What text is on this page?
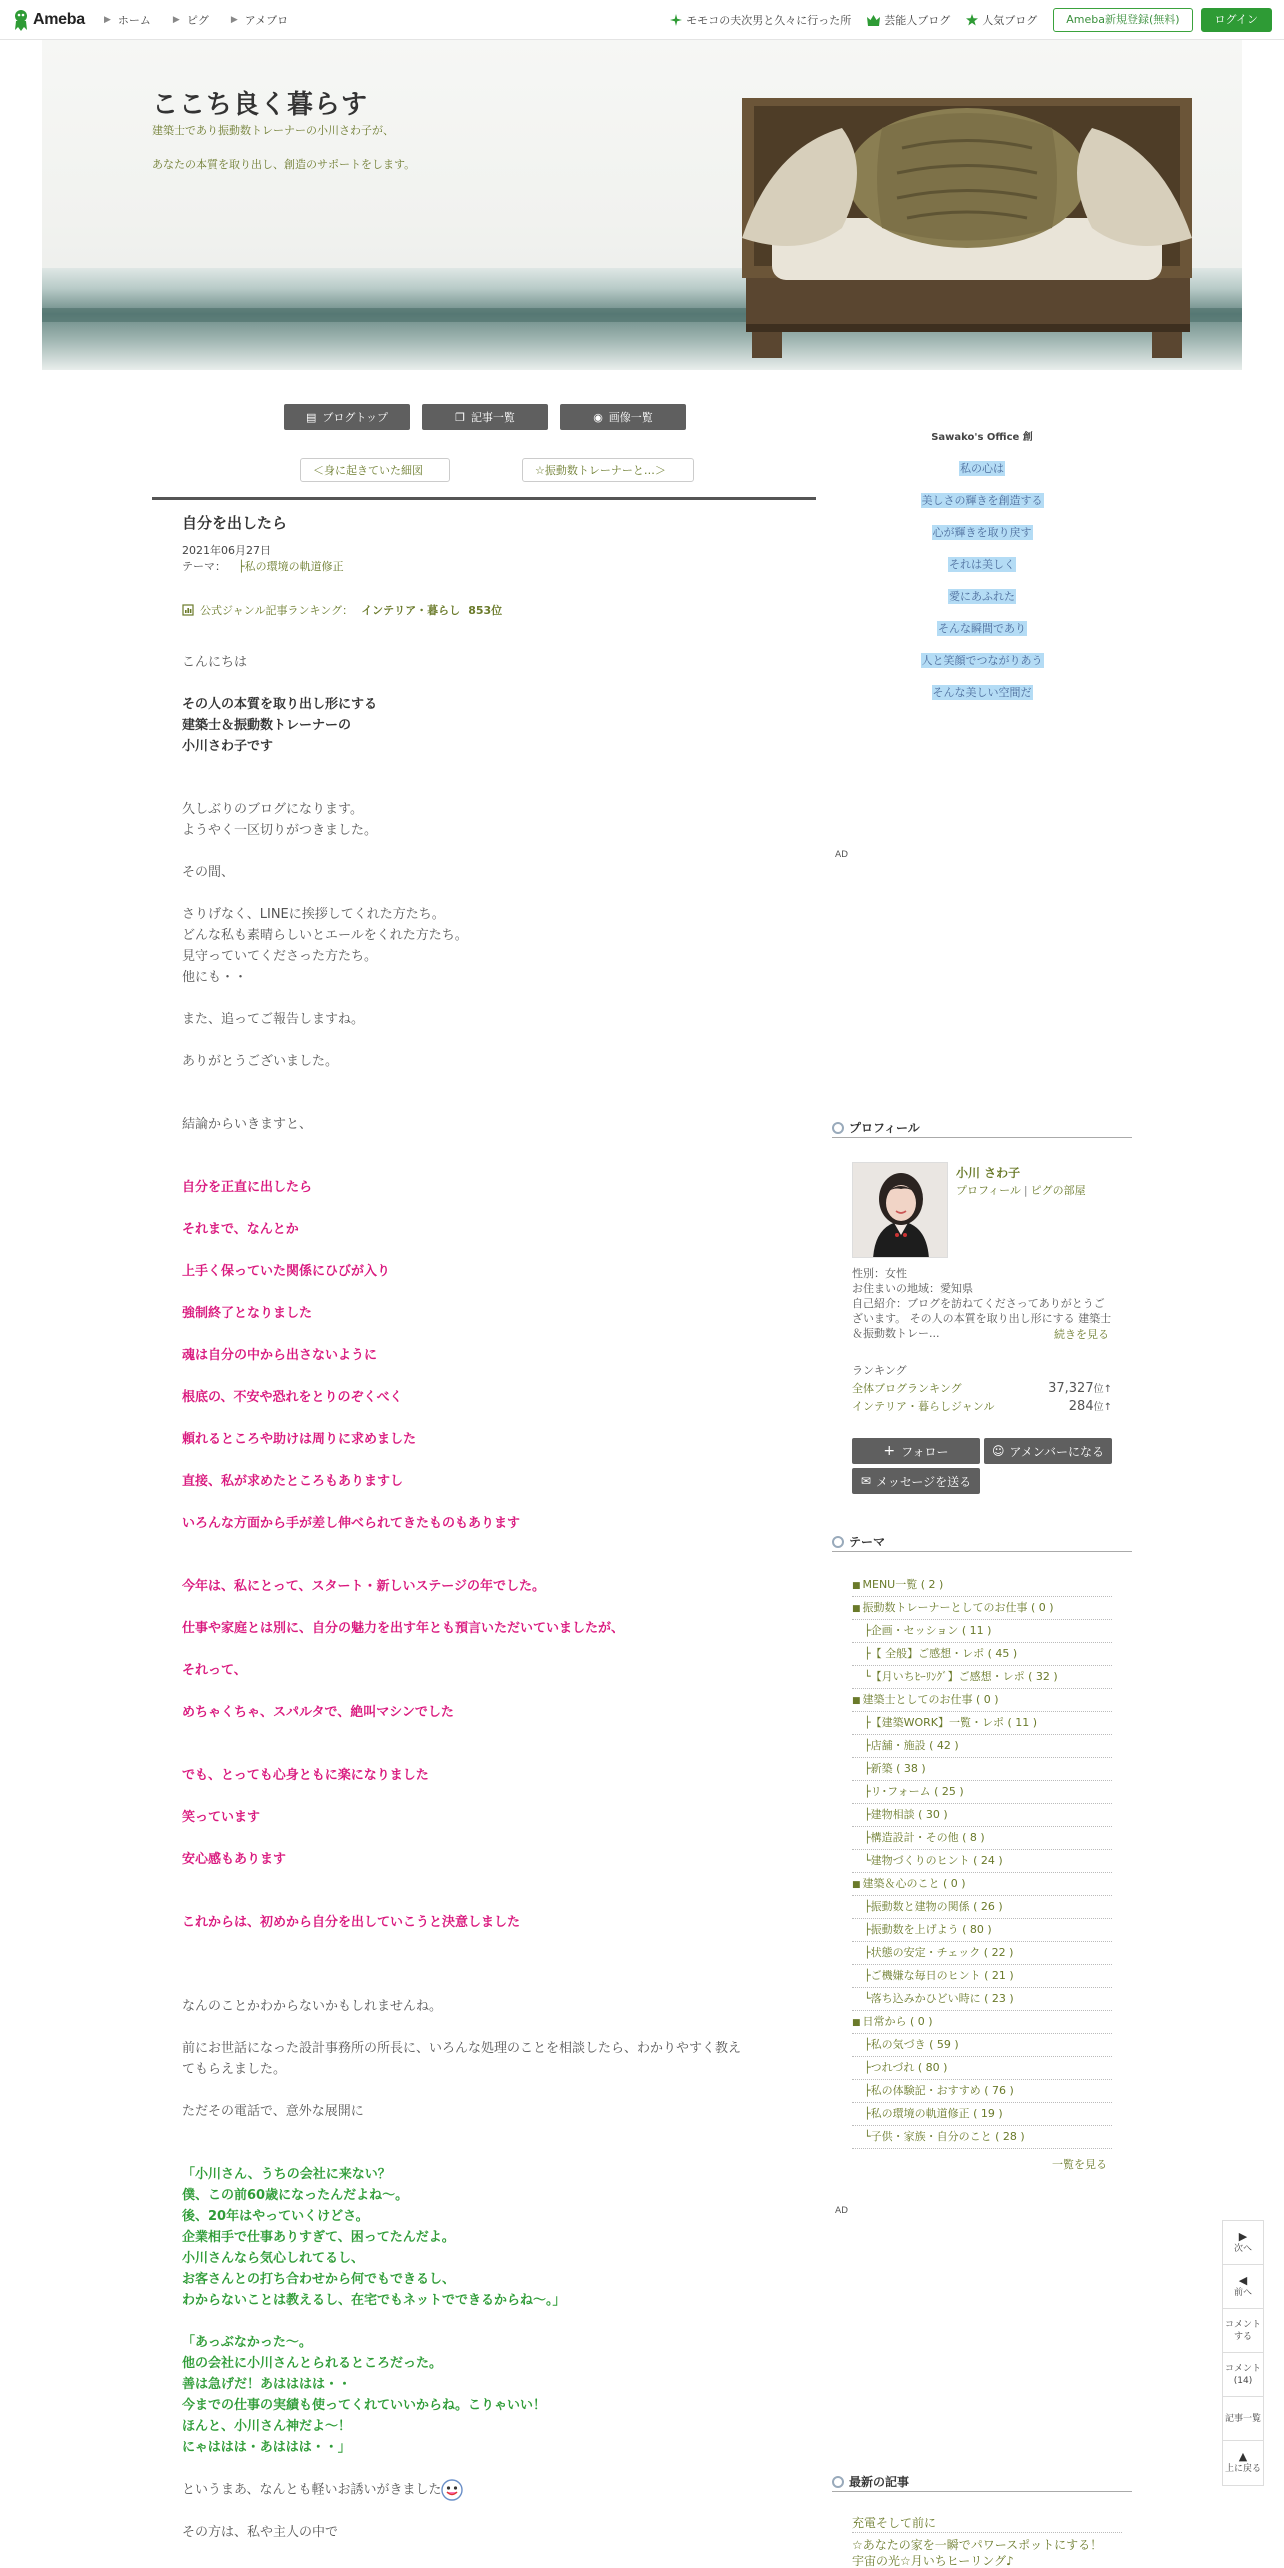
Ameba ▶ ホーム ▶ ピグ ▶ アメブロ	モモコの夫次男と久々に行った所	芸能人ブログ	人気ブログ	Ameba新規登録(無料)	ログイン
ここち良く暮らす
建築士であり振動数トレーナーの小川さわ子が、
あなたの本質を取り出し、創造のサポートをします。
▤ ブログトップ	❐ 記事一覧	◉ 画像一覧
＜身に起きていた細図	☆振動数トレーナーと…＞
自分を出したら
2021年06月27日
テーマ： ├私の環境の軌道修正
公式ジャンル記事ランキング： インテリア・暮らし 853位

こんにちは

その人の本質を取り出し形にする

建築士＆振動数トレーナーの

小川さわ子です

久しぶりのブログになります。

ようやく一区切りがつきました。

その間、

さりげなく、LINEに挨拶してくれた方たち。

どんな私も素晴らしいとエールをくれた方たち。

見守っていてくださった方たち。

他にも・・

また、追ってご報告しますね。

ありがとうございました。

結論からいきますと、

自分を正直に出したら

それまで、なんとか

上手く保っていた関係にひびが入り

強制終了となりました

魂は自分の中から出さないように

根底の、不安や恐れをとりのぞくべく

頼れるところや助けは周りに求めました

直接、私が求めたところもありますし

いろんな方面から手が差し伸べられてきたものもあります

今年は、私にとって、スタート・新しいステージの年でした。

仕事や家庭とは別に、自分の魅力を出す年とも預言いただいていましたが、

それって、

めちゃくちゃ、スパルタで、絶叫マシンでした

でも、とっても心身ともに楽になりました

笑っています

安心感もあります

これからは、初めから自分を出していこうと決意しました

なんのことかわからないかもしれませんね。

前にお世話になった設計事務所の所長に、いろんな処理のことを相談したら、わかりやすく教え

てもらえました。

ただその電話で、意外な展開に

「小川さん、うちの会社に来ない？

僕、この前60歳になったんだよね～。

後、20年はやっていくけどさ。

企業相手で仕事ありすぎて、困ってたんだよ。

小川さんなら気心しれてるし、

お客さんとの打ち合わせから何でもできるし、

わからないことは教えるし、在宅でもネットでできるからね～。」

「あっぶなかった～。

他の会社に小川さんとられるところだった。

善は急げだ！あはははは・・

今までの仕事の実績も使ってくれていいからね。こりゃいい！

ほんと、小川さん神だよ～！

にゃははは・あははは・・」

というまあ、なんとも軽いお誘いがきました

その方は、私や主人の中で

Sawako's Office 創
私の心は
美しさの輝きを創造する
心が輝きを取り戻す
それは美しく
愛にあふれた
そんな瞬間であり
人と笑顔でつながりあう
そんな美しい空間だ
AD
プロフィール
小川 さわ子
プロフィール | ピグの部屋
性別：女性
お住まいの地域：愛知県
自己紹介：ブログを訪ねてくださってありがとうご
ざいます。 その人の本質を取り出し形にする 建築士
＆振動数トレー...	続きを見る
ランキング
全体ブログランキング	37,327位↑
インテリア・暮らしジャンル	284位↑
+ フォロー	☺ アメンバーになる
✉ メッセージを送る
テーマ
■ MENU一覧 ( 2 )
■ 振動数トレーナーとしてのお仕事 ( 0 )
├企画・セッション ( 11 )
├【 全般】ご感想・レポ ( 45 )
└【月いちﾋｰﾘﾝｸﾞ】ご感想・レポ ( 32 )
■ 建築士としてのお仕事 ( 0 )
├【建築WORK】一覧・レポ ( 11 )
├店舗・施設 ( 42 )
├新築 ( 38 )
├リ･フォーム ( 25 )
├建物相談 ( 30 )
├構造設計・その他 ( 8 )
└建物づくりのヒント ( 24 )
■ 建築＆心のこと ( 0 )
├振動数と建物の関係 ( 26 )
├振動数を上げよう ( 80 )
├状態の安定・チェック ( 22 )
├ご機嫌な毎日のヒント ( 21 )
└落ち込みかひどい時に ( 23 )
■ 日常から ( 0 )
├私の気づき ( 59 )
├つれづれ ( 80 )
├私の体験記・おすすめ ( 76 )
├私の環境の軌道修正 ( 19 )
└子供・家族・自分のこと ( 28 )
一覧を見る
AD
最新の記事
充電そして前に
☆あなたの家を一瞬でパワースポットにする！
宇宙の光☆月いちヒーリング♪
▶
次へ
◀
前へ
コメント
する
コメント
(14)
記事一覧
▲
上に戻る
